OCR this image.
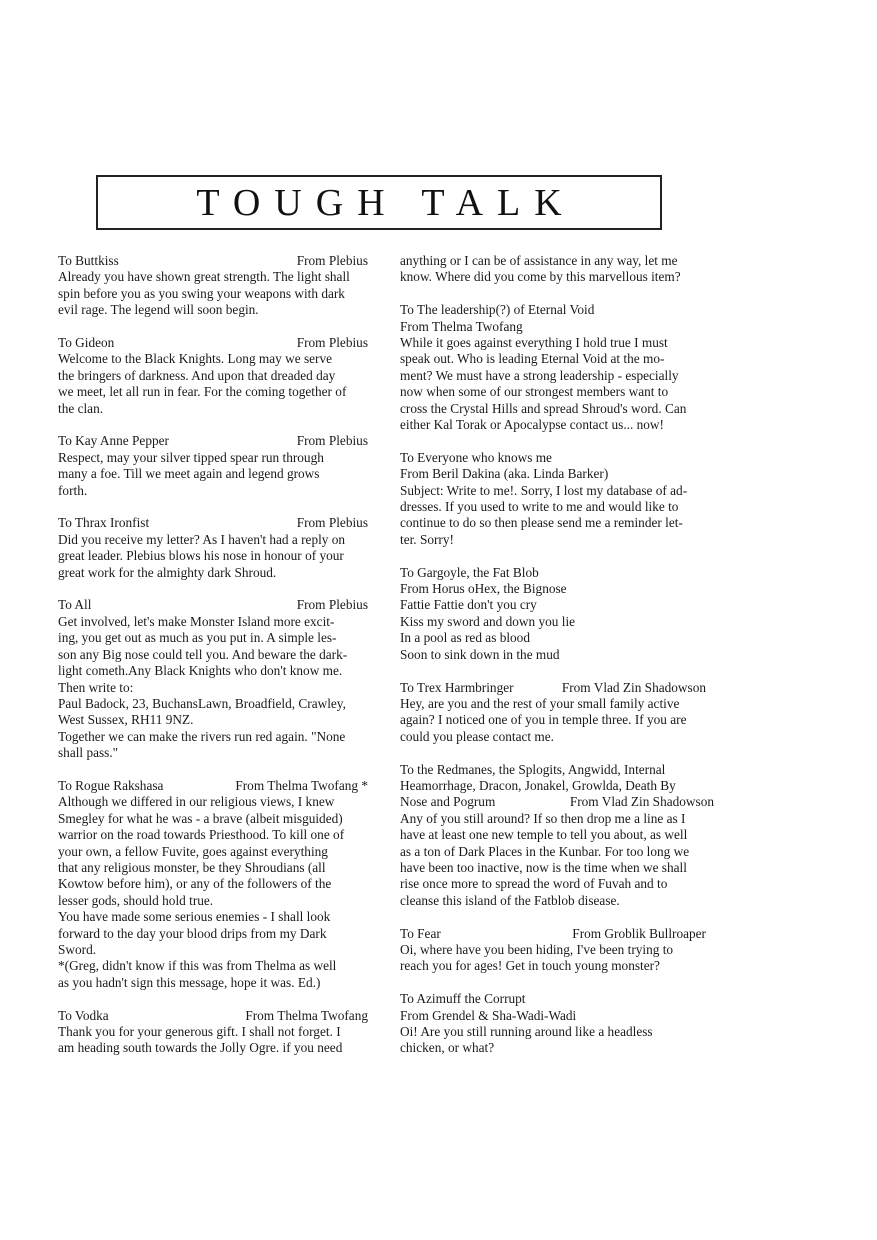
TOUGH TALK
To Buttkiss	From Plebius
Already you have shown great strength. The light shall
spin before you as you swing your weapons with dark
evil rage. The legend will soon begin.
To Gideon	From Plebius
Welcome to the Black Knights. Long may we serve
the bringers of darkness. And upon that dreaded day
we meet, let all run in fear. For the coming together of
the clan.
To Kay Anne Pepper	From Plebius
Respect, may your silver tipped spear run through
many a foe. Till we meet again and legend grows
forth.
To Thrax Ironfist	From Plebius
Did you receive my letter? As I haven't had a reply on
great leader. Plebius blows his nose in honour of your
great work for the almighty dark Shroud.
To All	From Plebius
Get involved, let's make Monster Island more excit-
ing, you get out as much as you put in. A simple les-
son any Big nose could tell you. And beware the dark-
light cometh.Any Black Knights who don't know me.
Then write to:
Paul Badock, 23, BuchansLawn, Broadfield, Crawley,
West Sussex, RH11 9NZ.
Together we can make the rivers run red again. "None
shall pass."
To Rogue Rakshasa	From Thelma Twofang *
Although we differed in our religious views, I knew
Smegley for what he was - a brave (albeit misguided)
warrior on the road towards Priesthood. To kill one of
your own, a fellow Fuvite, goes against everything
that any religious monster, be they Shroudians (all
Kowtow before him), or any of the followers of the
lesser gods, should hold true.
You have made some serious enemies - I shall look
forward to the day your blood drips from my Dark
Sword.
*(Greg, didn't know if this was from Thelma as well
as you hadn't sign this message, hope it was. Ed.)
To Vodka	From Thelma Twofang
Thank you for your generous gift. I shall not forget. I
am heading south towards the Jolly Ogre. if you need
anything or I can be of assistance in any way, let me
know. Where did you come by this marvellous item?
To The leadership(?) of Eternal Void
From Thelma Twofang
While it goes against everything I hold true I must
speak out. Who is leading Eternal Void at the mo-
ment? We must have a strong leadership - especially
now when some of our strongest members want to
cross the Crystal Hills and spread Shroud's word. Can
either Kal Torak or Apocalypse contact us... now!
To Everyone who knows me
From Beril Dakina (aka. Linda Barker)
Subject: Write to me!. Sorry, I lost my database of ad-
dresses. If you used to write to me and would like to
continue to do so then please send me a reminder let-
ter. Sorry!
To Gargoyle, the Fat Blob
From Horus oHex, the Bignose
Fattie Fattie don't you cry
Kiss my sword and down you lie
In a pool as red as blood
Soon to sink down in the mud
To Trex Harmbringer	From Vlad Zin Shadowson
Hey, are you and the rest of your small family active
again? I noticed one of you in temple three. If you are
could you please contact me.
To the Redmanes, the Splogits, Angwidd, Internal
Heamorrhage, Dracon, Jonakel, Growlda, Death By
Nose and Pogrum	From Vlad Zin Shadowson
Any of you still around? If so then drop me a line as I
have at least one new temple to tell you about, as well
as a ton of Dark Places in the Kunbar. For too long we
have been too inactive, now is the time when we shall
rise once more to spread the word of Fuvah and to
cleanse this island of the Fatblob disease.
To Fear	From Groblik Bullroaper
Oi, where have you been hiding, I've been trying to
reach you for ages! Get in touch young monster?
To Azimuff the Corrupt
From Grendel & Sha-Wadi-Wadi
Oi! Are you still running around like a headless
chicken, or what?
